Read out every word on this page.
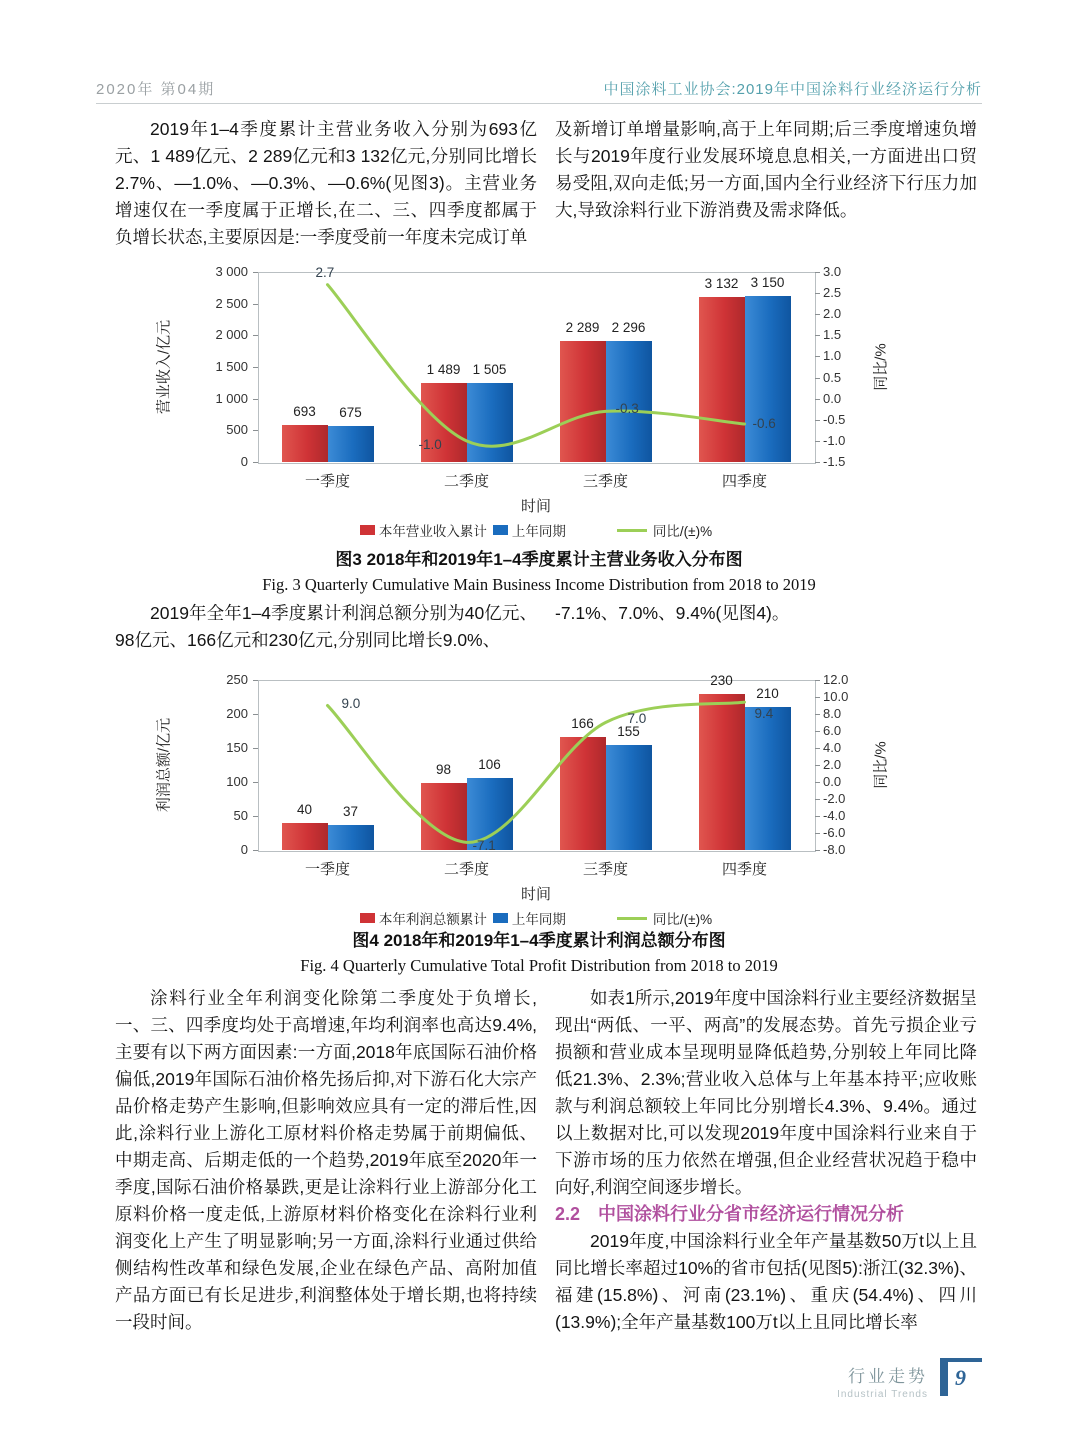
2020年 第04期	中国涂料工业协会:2019年中国涂料行业经济运行分析
2019年1–4季度累计主营业务收入分别为693亿元、1 489亿元、2 289亿元和3 132亿元,分别同比增长2.7%、—1.0%、—0.3%、—0.6%(见图3)。主营业务增速仅在一季度属于正增长,在二、三、四季度都属于负增长状态,主要原因是:一季度受前一年度未完成订单
及新增订单增量影响,高于上年同期;后三季度增速负增长与2019年度行业发展环境息息相关,一方面进出口贸易受阻,双向走低;另一方面,国内全行业经济下行压力加大,导致涂料行业下游消费及需求降低。
0
500
1 000
1 500
2 000
2 500
3 000
-1.5
-1.0
-0.5
0.0
0.5
1.0
1.5
2.0
2.5
3.0
营业收入/亿元	同比/%
693	675
一季度
1 489 1 505
二季度
2 289 2 296
三季度
3 132 3 150
四季度
2.7
-1.0
-0.3
-0.6
时间
本年营业收入累计 上年同期	同比/(±)%
图3 2018年和2019年1–4季度累计主营业务收入分布图
Fig. 3 Quarterly Cumulative Main Business Income Distribution from 2018 to 2019
2019年全年1–4季度累计利润总额分别为40亿元、98亿元、166亿元和230亿元,分别同比增长9.0%、
-7.1%、7.0%、9.4%(见图4)。
0
50
100
150
200
250
-8.0
-6.0
-4.0
-2.0
0.0
2.0
4.0
6.0
8.0
10.0
12.0
利润总额/亿元	同比/%
40	37
一季度
98	106
二季度
166	155
三季度
230
210
四季度
9.0
-7.1
7.0	9.4
时间
本年利润总额累计 上年同期	同比/(±)%
图4 2018年和2019年1–4季度累计利润总额分布图
Fig. 4 Quarterly Cumulative Total Profit Distribution from 2018 to 2019
涂料行业全年利润变化除第二季度处于负增长,一、三、四季度均处于高增速,年均利润率也高达9.4%,主要有以下两方面因素:一方面,2018年底国际石油价格偏低,2019年国际石油价格先扬后抑,对下游石化大宗产品价格走势产生影响,但影响效应具有一定的滞后性,因此,涂料行业上游化工原材料价格走势属于前期偏低、中期走高、后期走低的一个趋势,2019年底至2020年一季度,国际石油价格暴跌,更是让涂料行业上游部分化工原料价格一度走低,上游原材料价格变化在涂料行业利润变化上产生了明显影响;另一方面,涂料行业通过供给侧结构性改革和绿色发展,企业在绿色产品、高附加值产品方面已有长足进步,利润整体处于增长期,也将持续一段时间。
如表1所示,2019年度中国涂料行业主要经济数据呈现出“两低、一平、两高”的发展态势。首先亏损企业亏损额和营业成本呈现明显降低趋势,分别较上年同比降低21.3%、2.3%;营业收入总体与上年基本持平;应收账款与利润总额较上年同比分别增长4.3%、9.4%。通过以上数据对比,可以发现2019年度中国涂料行业来自于下游市场的压力依然在增强,但企业经营状况趋于稳中向好,利润空间逐步增长。
2.2 中国涂料行业分省市经济运行情况分析
2019年度,中国涂料行业全年产量基数50万t以上且同比增长率超过10%的省市包括(见图5):浙江(32.3%)、福建(15.8%)、河南(23.1%)、重庆(54.4%)、四川(13.9%);全年产量基数100万t以上且同比增长率
行业走势
Industrial Trends
9
